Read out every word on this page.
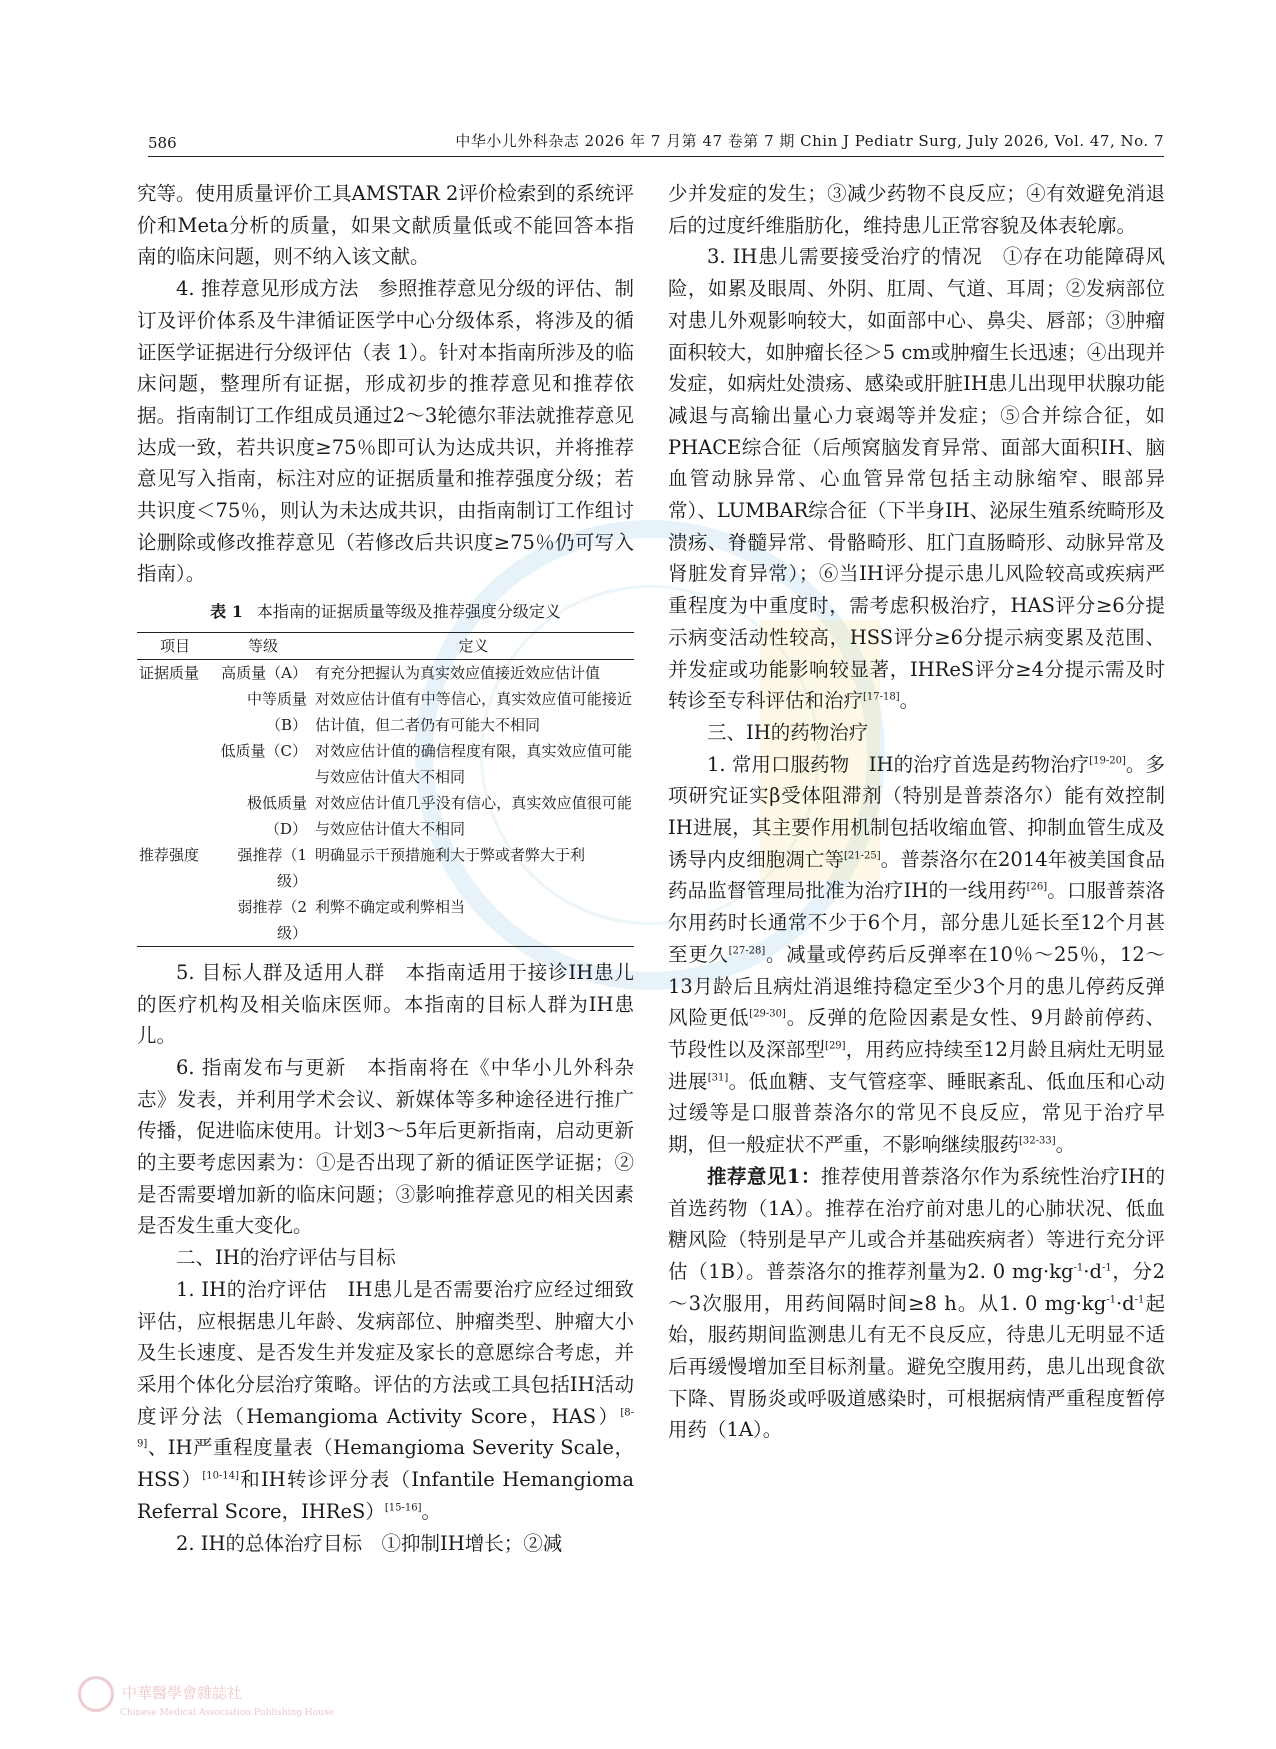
586	中华小儿外科杂志 2026 年 7 月第 47 卷第 7 期 Chin J Pediatr Surg, July 2026, Vol. 47, No. 7

究等。使用质量评价工具AMSTAR 2评价检索到的系统评价和Meta分析的质量，如果文献质量低或不能回答本指南的临床问题，则不纳入该文献。

4. 推荐意见形成方法　参照推荐意见分级的评估、制订及评价体系及牛津循证医学中心分级体系，将涉及的循证医学证据进行分级评估（表 1）。针对本指南所涉及的临床问题，整理所有证据，形成初步的推荐意见和推荐依据。指南制订工作组成员通过2～3轮德尔菲法就推荐意见达成一致，若共识度≥75％即可认为达成共识，并将推荐意见写入指南，标注对应的证据质量和推荐强度分级；若共识度＜75％，则认为未达成共识，由指南制订工作组讨论删除或修改推荐意见（若修改后共识度≥75％仍可写入指南）。

表 1 本指南的证据质量等级及推荐强度分级定义
项目	等级	定义
证据质量	高质量（A）	有充分把握认为真实效应值接近效应估计值
	中等质量（B）	对效应估计值有中等信心，真实效应值可能接近估计值，但二者仍有可能大不相同
	低质量（C）	对效应估计值的确信程度有限，真实效应值可能与效应估计值大不相同
	极低质量（D）	对效应估计值几乎没有信心，真实效应值很可能与效应估计值大不相同
推荐强度	强推荐（1级）	明确显示干预措施利大于弊或者弊大于利
	弱推荐（2级）	利弊不确定或利弊相当

5. 目标人群及适用人群　本指南适用于接诊IH患儿的医疗机构及相关临床医师。本指南的目标人群为IH患儿。

6. 指南发布与更新　本指南将在《中华小儿外科杂志》发表，并利用学术会议、新媒体等多种途径进行推广传播，促进临床使用。计划3～5年后更新指南，启动更新的主要考虑因素为：①是否出现了新的循证医学证据；②是否需要增加新的临床问题；③影响推荐意见的相关因素是否发生重大变化。

二、IH的治疗评估与目标

1. IH的治疗评估　IH患儿是否需要治疗应经过细致评估，应根据患儿年龄、发病部位、肿瘤类型、肿瘤大小及生长速度、是否发生并发症及家长的意愿综合考虑，并采用个体化分层治疗策略。评估的方法或工具包括IH活动度评分法（Hemangioma Activity Score，HAS）[8-9]、IH严重程度量表（Hemangioma Severity Scale，HSS）[10-14]和IH转诊评分表（Infantile Hemangioma Referral Score，IHReS）[15-16]。

2. IH的总体治疗目标　①抑制IH增长；②减

少并发症的发生；③减少药物不良反应；④有效避免消退后的过度纤维脂肪化，维持患儿正常容貌及体表轮廓。

3. IH患儿需要接受治疗的情况　①存在功能障碍风险，如累及眼周、外阴、肛周、气道、耳周；②发病部位对患儿外观影响较大，如面部中心、鼻尖、唇部；③肿瘤面积较大，如肿瘤长径＞5 cm或肿瘤生长迅速；④出现并发症，如病灶处溃疡、感染或肝脏IH患儿出现甲状腺功能减退与高输出量心力衰竭等并发症；⑤合并综合征，如PHACE综合征（后颅窝脑发育异常、面部大面积IH、脑血管动脉异常、心血管异常包括主动脉缩窄、眼部异常）、LUMBAR综合征（下半身IH、泌尿生殖系统畸形及溃疡、脊髓异常、骨骼畸形、肛门直肠畸形、动脉异常及肾脏发育异常）；⑥当IH评分提示患儿风险较高或疾病严重程度为中重度时，需考虑积极治疗，HAS评分≥6分提示病变活动性较高，HSS评分≥6分提示病变累及范围、并发症或功能影响较显著，IHReS评分≥4分提示需及时转诊至专科评估和治疗[17-18]。

三、IH的药物治疗

1. 常用口服药物　IH的治疗首选是药物治疗[19-20]。多项研究证实β受体阻滞剂（特别是普萘洛尔）能有效控制IH进展，其主要作用机制包括收缩血管、抑制血管生成及诱导内皮细胞凋亡等[21-25]。普萘洛尔在2014年被美国食品药品监督管理局批准为治疗IH的一线用药[26]。口服普萘洛尔用药时长通常不少于6个月，部分患儿延长至12个月甚至更久[27-28]。减量或停药后反弹率在10％～25％，12～13月龄后且病灶消退维持稳定至少3个月的患儿停药反弹风险更低[29-30]。反弹的危险因素是女性、9月龄前停药、节段性以及深部型[29]，用药应持续至12月龄且病灶无明显进展[31]。低血糖、支气管痉挛、睡眠紊乱、低血压和心动过缓等是口服普萘洛尔的常见不良反应，常见于治疗早期，但一般症状不严重，不影响继续服药[32-33]。

推荐意见1：推荐使用普萘洛尔作为系统性治疗IH的首选药物（1A）。推荐在治疗前对患儿的心肺状况、低血糖风险（特别是早产儿或合并基础疾病者）等进行充分评估（1B）。普萘洛尔的推荐剂量为2. 0 $mg\cdot kg^{-1}\cdot d^{-1}$，分2～3次服用，用药间隔时间≥8 h。从1. 0 $mg\cdot kg^{-1}\cdot d^{-1}$起始，服药期间监测患儿有无不良反应，待患儿无明显不适后再缓慢增加至目标剂量。避免空腹用药，患儿出现食欲下降、胃肠炎或呼吸道感染时，可根据病情严重程度暂停用药（1A）。

中華醫學會雜誌社
Chinese Medical Association Publishing House
